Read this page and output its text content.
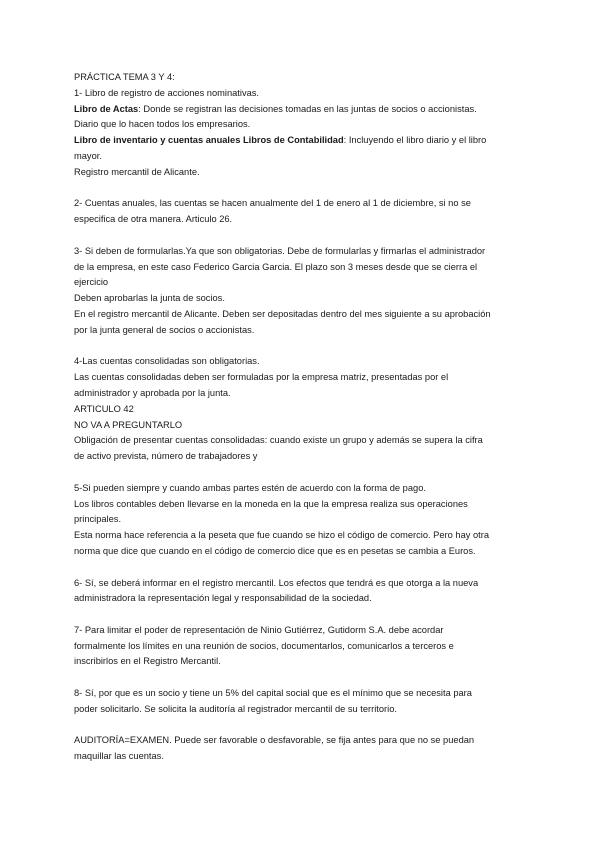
PRÁCTICA TEMA 3 Y 4:

1- Libro de registro de acciones nominativas.

Libro de Actas: Donde se registran las decisiones tomadas en las juntas de socios o accionistas.

Diario que lo hacen todos los empresarios.

Libro de inventario y cuentas anuales Libros de Contabilidad: Incluyendo el libro diario y el libro

mayor.

Registro mercantil de Alicante.

2- Cuentas anuales, las cuentas se hacen anualmente del 1 de enero al 1 de diciembre, si no se

especifica de otra manera. Articulo 26.

3- Si deben de formularlas.Ya que son obligatorias. Debe de formularlas y firmarlas el administrador

de la empresa, en este caso Federico Garcia Garcia. El plazo son 3 meses desde que se cierra el

ejercicio

Deben aprobarlas la junta de socios.

En el registro mercantil de Alicante. Deben ser depositadas dentro del mes siguiente a su aprobación

por la junta general de socios o accionistas.

4-Las cuentas consolidadas son obligatorias.

Las cuentas consolidadas deben ser formuladas por la empresa matriz, presentadas por el

administrador y aprobada por la junta.

ARTICULO 42

NO VA A PREGUNTARLO

Obligación de presentar cuentas consolidadas: cuando existe un grupo y además se supera la cifra

de activo prevista, número de trabajadores y

5-Si pueden siempre y cuando ambas partes estén de acuerdo con la forma de pago.

Los libros contables deben llevarse en la moneda en la que la empresa realiza sus operaciones

principales.

Esta norma hace referencia a la peseta que fue cuando se hizo el código de comercio. Pero hay otra

norma que dice que cuando en el código de comercio dice que es en pesetas se cambia a Euros.

6- Sí, se deberá informar en el registro mercantil. Los efectos que tendrá es que otorga a la nueva

administradora la representación legal y responsabilidad de la sociedad.

7- Para limitar el poder de representación de Ninio Gutiérrez, Gutidorm S.A. debe acordar

formalmente los límites en una reunión de socios, documentarlos, comunicarlos a terceros e

inscribirlos en el Registro Mercantil.

8- Sí, por que es un socio y tiene un 5% del capital social que es el mínimo que se necesita para

poder solicitarlo. Se solicita la auditoría al registrador mercantil de su territorio.

AUDITORÍA=EXAMEN. Puede ser favorable o desfavorable, se fija antes para que no se puedan

maquillar las cuentas.
